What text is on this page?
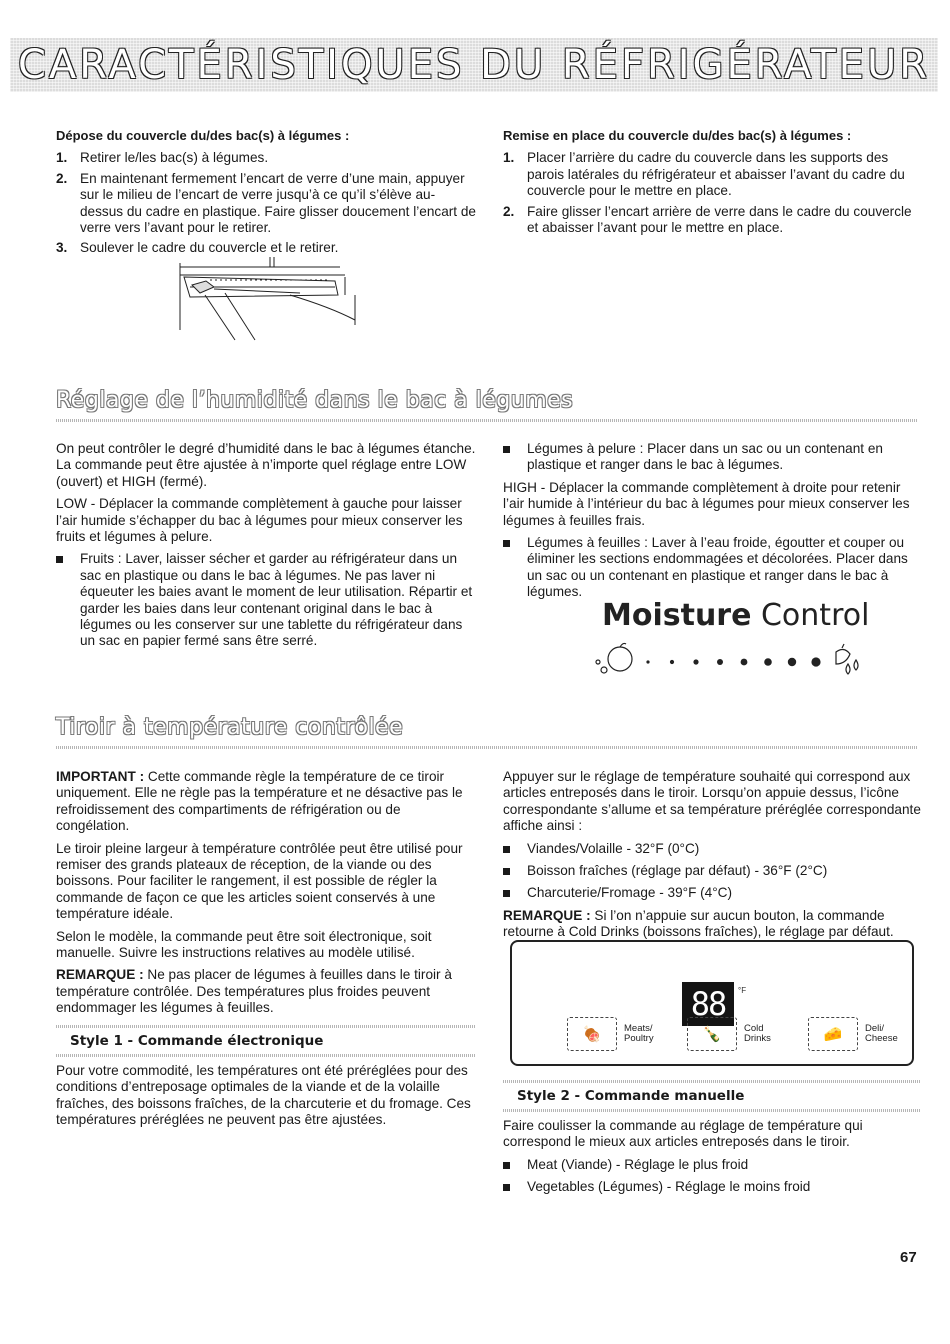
CARACTÉRISTIQUES DU RÉFRIGÉRATEUR
Dépose du couvercle du/des bac(s) à légumes :
1. Retirer le/les bac(s) à légumes.
2. En maintenant fermement l’encart de verre d’une main, appuyer sur le milieu de l’encart de verre jusqu’à ce qu’il s’élève au-dessus du cadre en plastique. Faire glisser doucement l’encart de verre vers l’avant pour le retirer.
3. Soulever le cadre du couvercle et le retirer.
Remise en place du couvercle du/des bac(s) à légumes :
1. Placer l’arrière du cadre du couvercle dans les supports des parois latérales du réfrigérateur et abaisser l’avant du cadre du couvercle pour le mettre en place.
2. Faire glisser l’encart arrière de verre dans le cadre du couvercle et abaisser l’avant pour le mettre en place.
Réglage de l’humidité dans le bac à légumes

On peut contrôler le degré d’humidité dans le bac à légumes étanche. La commande peut être ajustée à n’importe quel réglage entre LOW (ouvert) et HIGH (fermé).

LOW - Déplacer la commande complètement à gauche pour laisser l’air humide s’échapper du bac à légumes pour mieux conserver les fruits et légumes à pelure.

Fruits : Laver, laisser sécher et garder au réfrigérateur dans un sac en plastique ou dans le bac à légumes. Ne pas laver ni équeuter les baies avant le moment de leur utilisation. Répartir et garder les baies dans leur contenant original dans le bac à légumes ou les conserver sur une tablette du réfrigérateur dans un sac en papier fermé sans être serré.
Légumes à pelure : Placer dans un sac ou un contenant en plastique et ranger dans le bac à légumes.

HIGH - Déplacer la commande complètement à droite pour retenir l’air humide à l’intérieur du bac à légumes pour mieux conserver les légumes à feuilles frais.

Légumes à feuilles : Laver à l’eau froide, égoutter et couper ou éliminer les sections endommagées et décolorées. Placer dans un sac ou un contenant en plastique et ranger dans le bac à légumes.
Moisture Control
Tiroir à température contrôlée

IMPORTANT : Cette commande règle la température de ce tiroir uniquement. Elle ne règle pas la température et ne désactive pas le refroidissement des compartiments de réfrigération ou de congélation.

Le tiroir pleine largeur à température contrôlée peut être utilisé pour remiser des grands plateaux de réception, de la viande ou des boissons. Pour faciliter le rangement, il est possible de régler la commande de façon ce que les articles soient conservés à une température idéale.

Selon le modèle, la commande peut être soit électronique, soit manuelle. Suivre les instructions relatives au modèle utilisé.

REMARQUE : Ne pas placer de légumes à feuilles dans le tiroir à température contrôlée. Des températures plus froides peuvent endommager les légumes à feuilles.

Style 1 - Commande électronique

Pour votre commodité, les températures ont été préréglées pour des conditions d’entreposage optimales de la viande et de la volaille fraîches, des boissons fraîches, de la charcuterie et du fromage. Ces températures préréglées ne peuvent pas être ajustées.

Appuyer sur le réglage de température souhaité qui correspond aux articles entreposés dans le tiroir. Lorsqu’on appuie dessus, l’icône correspondante s’allume et sa température préréglée correspondante affiche ainsi :

Viandes/Volaille - 32°F (0°C)
Boisson fraîches (réglage par défaut) - 36°F (2°C)
Charcuterie/Fromage - 39°F (4°C)

REMARQUE : Si l’on n’appuie sur aucun bouton, la commande retourne à Cold Drinks (boissons fraîches), le réglage par défaut.

88	°F
🍖 Meats/
Poultry	🍾 Cold
Drinks	🧀 Deli/
Cheese
Style 2 - Commande manuelle

Faire coulisser la commande au réglage de température qui correspond le mieux aux articles entreposés dans le tiroir.

Meat (Viande) - Réglage le plus froid
Vegetables (Légumes) - Réglage le moins froid
67
